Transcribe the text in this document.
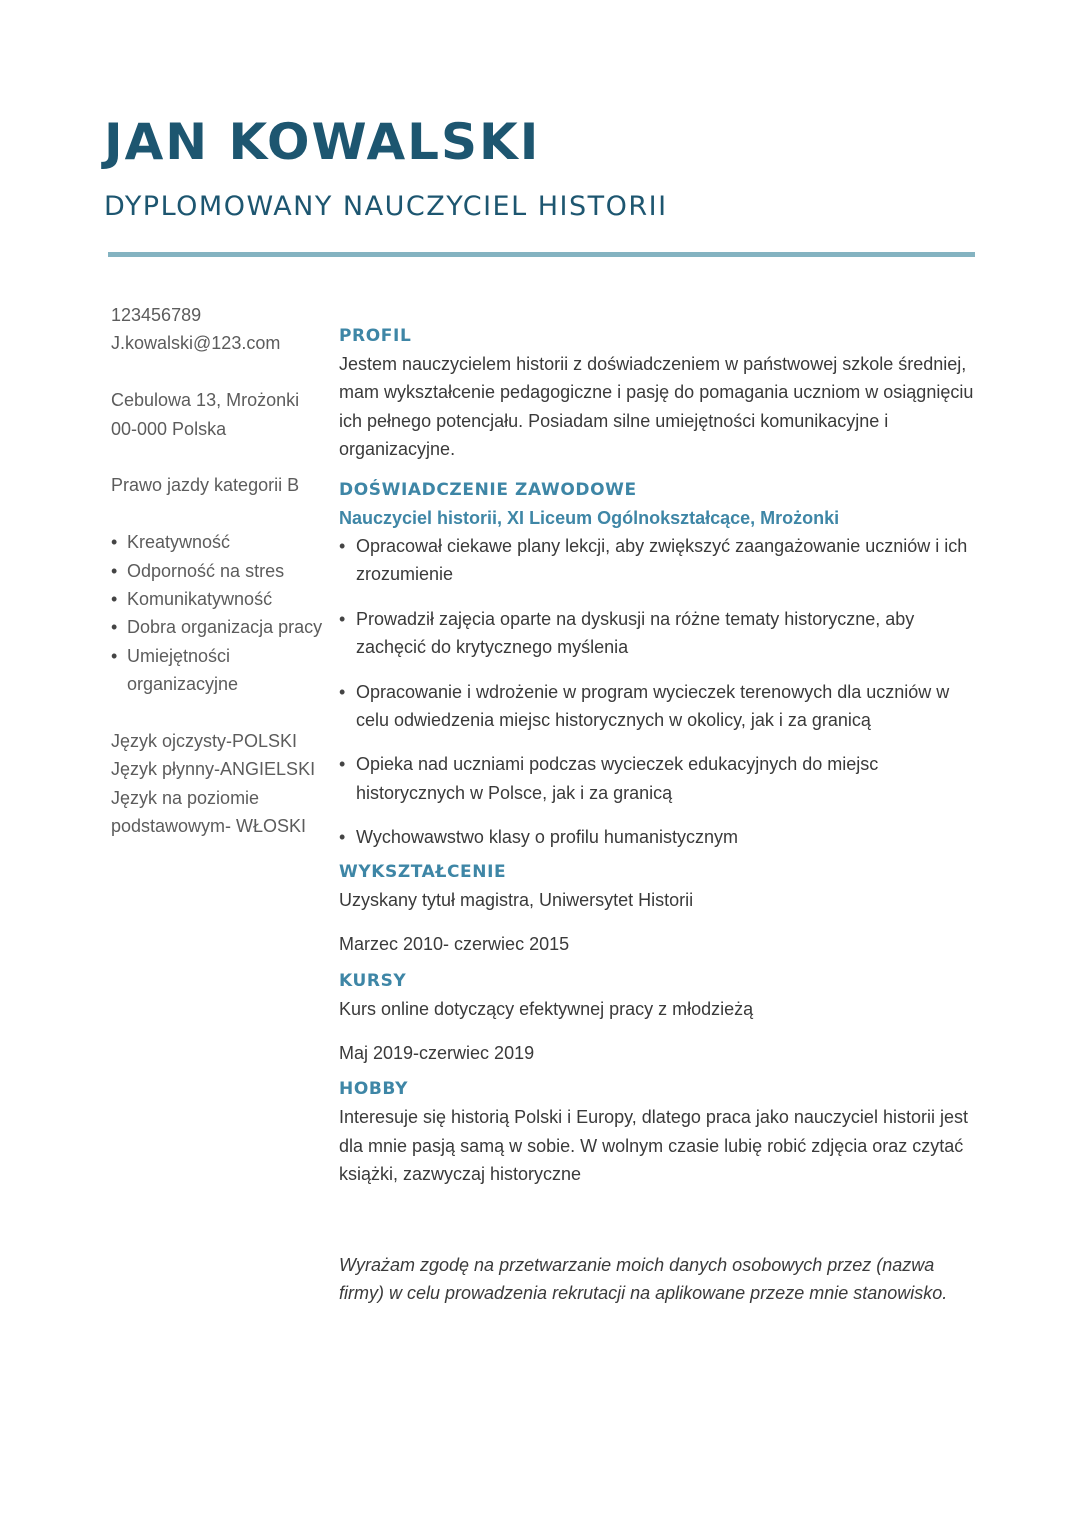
JAN KOWALSKI

DYPLOMOWANY NAUCZYCIEL HISTORII

123456789

J.kowalski@123.com

Cebulowa 13, Mrożonki

00-000 Polska

Prawo jazdy kategorii B

• Kreatywność
• Odporność na stres
• Komunikatywność
• Dobra organizacja pracy
• Umiejętności organizacyjne

Język ojczysty-POLSKI

Język płynny-ANGIELSKI

Język na poziomie podstawowym- WŁOSKI

PROFIL

Jestem nauczycielem historii z doświadczeniem w państwowej szkole średniej, mam wykształcenie pedagogiczne i pasję do pomagania uczniom w osiągnięciu ich pełnego potencjału. Posiadam silne umiejętności komunikacyjne i organizacyjne.

DOŚWIADCZENIE ZAWODOWE

Nauczyciel historii, XI Liceum Ogólnokształcące, Mrożonki

• Opracował ciekawe plany lekcji, aby zwiększyć zaangażowanie uczniów i ich zrozumienie
• Prowadził zajęcia oparte na dyskusji na różne tematy historyczne, aby zachęcić do krytycznego myślenia
• Opracowanie i wdrożenie w program wycieczek terenowych dla uczniów w celu odwiedzenia miejsc historycznych w okolicy, jak i za granicą
• Opieka nad uczniami podczas wycieczek edukacyjnych do miejsc historycznych w Polsce, jak i za granicą
• Wychowawstwo klasy o profilu humanistycznym

WYKSZTAŁCENIE

Uzyskany tytuł magistra, Uniwersytet Historii

Marzec 2010- czerwiec 2015

KURSY

Kurs online dotyczący efektywnej pracy z młodzieżą

Maj 2019-czerwiec 2019

HOBBY

Interesuje się historią Polski i Europy, dlatego praca jako nauczyciel historii jest dla mnie pasją samą w sobie. W wolnym czasie lubię robić zdjęcia oraz czytać książki, zazwyczaj historyczne

Wyrażam zgodę na przetwarzanie moich danych osobowych przez (nazwa firmy) w celu prowadzenia rekrutacji na aplikowane przeze mnie stanowisko.
